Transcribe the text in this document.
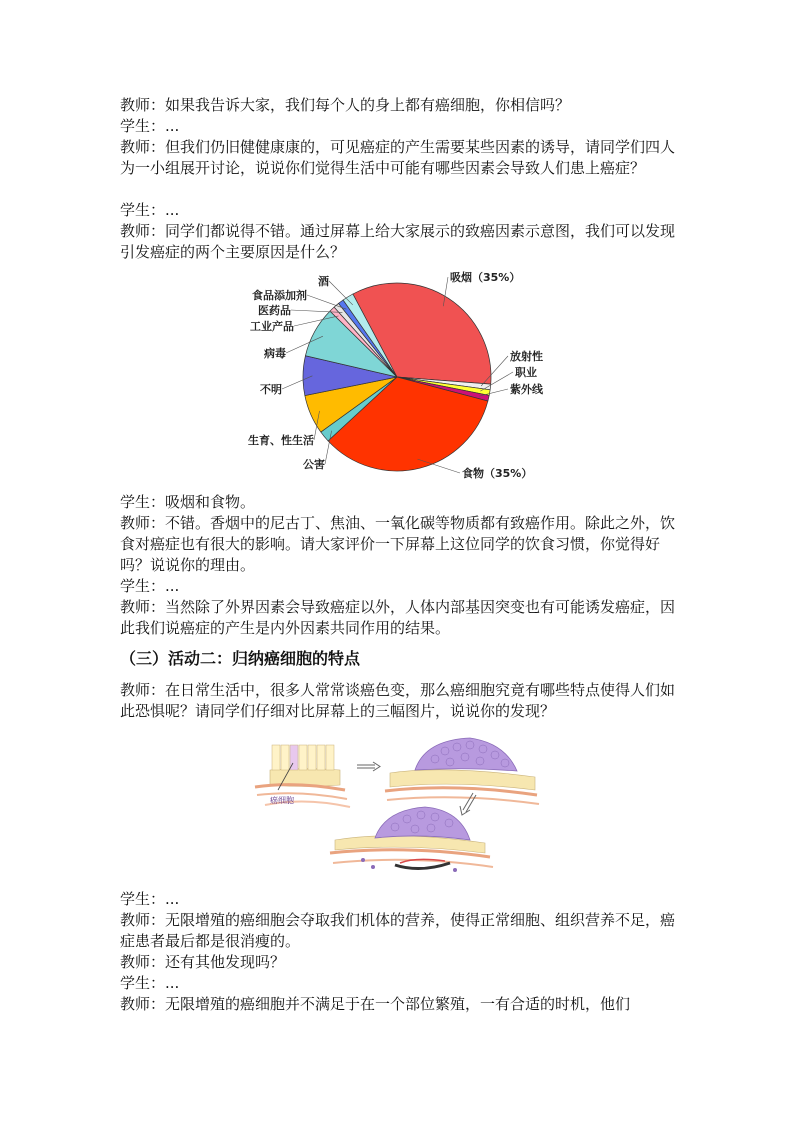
教师：如果我告诉大家，我们每个人的身上都有癌细胞，你相信吗？

学生：...

教师：但我们仍旧健健康康的，可见癌症的产生需要某些因素的诱导，请同学们四人为一小组展开讨论，说说你们觉得生活中可能有哪些因素会导致人们患上癌症？

学生：...

教师：同学们都说得不错。通过屏幕上给大家展示的致癌因素示意图，我们可以发现引发癌症的两个主要原因是什么？

吸烟（35%）
放射性
职业
紫外线
食物（35%）
公害
生育、性生活
不明
病毒
工业产品
医药品
食品添加剂
酒

学生：吸烟和食物。

教师：不错。香烟中的尼古丁、焦油、一氧化碳等物质都有致癌作用。除此之外，饮食对癌症也有很大的影响。请大家评价一下屏幕上这位同学的饮食习惯，你觉得好吗？说说你的理由。

学生：...

教师：当然除了外界因素会导致癌症以外，人体内部基因突变也有可能诱发癌症，因此我们说癌症的产生是内外因素共同作用的结果。

（三）活动二：归纳癌细胞的特点

教师：在日常生活中，很多人常常谈癌色变，那么癌细胞究竟有哪些特点使得人们如此恐惧呢？请同学们仔细对比屏幕上的三幅图片，说说你的发现？

癌细胞

学生：...

教师：无限增殖的癌细胞会夺取我们机体的营养，使得正常细胞、组织营养不足，癌症患者最后都是很消瘦的。

教师：还有其他发现吗？

学生：...

教师：无限增殖的癌细胞并不满足于在一个部位繁殖，一有合适的时机，他们
